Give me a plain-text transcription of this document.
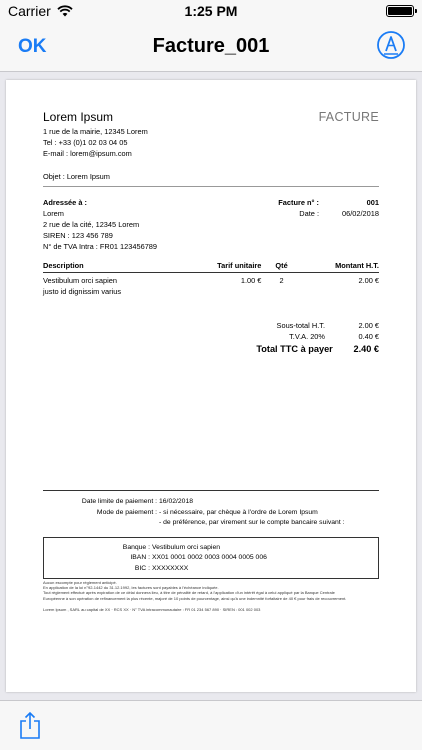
Carrier	1:25 PM
OK	Facture_001
FACTURE
Lorem Ipsum
1 rue de la mairie, 12345 Lorem
Tel : +33 (0)1 02 03 04 05
E-mail : lorem@ipsum.com
Objet : Lorem Ipsum
Adressée à :
Lorem
2 rue de la cité, 12345 Lorem
SIREN : 123 456 789
N° de TVA Intra : FR01 123456789
Facture n° :	001
Date :	06/02/2018
Description	Tarif unitaire	Qté	Montant H.T.

Vestibulum orci sapien
justo id dignissim varius	1.00 €	2	2.00 €
Sous-total H.T.	2.00 €
T.V.A. 20%	0.40 €
Total TTC à payer	2.40 €
Date limite de paiement : 16/02/2018
Mode de paiement : - si nécessaire, par chèque à l'ordre de Lorem Ipsum
- de préférence, par virement sur le compte bancaire suivant :
Banque : Vestibulum orci sapien
IBAN : XX01 0001 0002 0003 0004 0005 006
BIC : XXXXXXXX
Aucun escompte pour règlement anticipé.
En application de la loi n°92-1442 du 31.12.1992, les factures sont payables à l'échéance indiquée.
Tout règlement effectué après expiration de ce délai donnera lieu, à titre de pénalité de retard, à l'application d'un intérêt égal à celui appliqué par la Banque Centrale
Européenne à son opération de refinancement la plus récente, majoré de 10 points de pourcentage, ainsi qu'à une indemnité forfaitaire de 40 € pour frais de recouvrement.
Lorem Ipsum , SARL au capital de XX · RCS XX · N° TVA intracommunautaire : FR 01 234 567 890 · SIREN : 001 002 003
